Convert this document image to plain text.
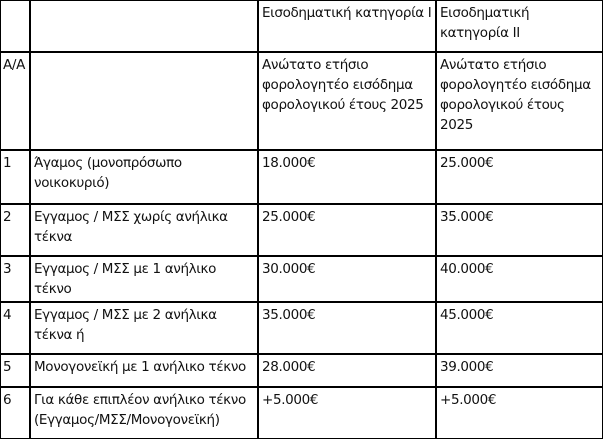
		Εισοδηματική κατηγορία Ι	Εισοδηματική κατηγορία ΙΙ

Α/Α		Ανώτατο ετήσιο φορολογητέο εισόδημα φορολογικού έτους 2025	Ανώτατο ετήσιο φορολογητέο εισόδημα φορολογικού έτους 2025

1	Άγαμος (μονοπρόσωπο νοικοκυριό)	18.000€	25.000€

2	Εγγαμος / ΜΣΣ χωρίς ανήλικα τέκνα	25.000€	35.000€

3	Εγγαμος / ΜΣΣ με 1 ανήλικο τέκνο	30.000€	40.000€

4	Εγγαμος / ΜΣΣ με 2 ανήλικα τέκνα ή	35.000€	45.000€

5	Μονογονεϊκή με 1 ανήλικο τέκνο	28.000€	39.000€

6	Για κάθε επιπλέον ανήλικο τέκνο (Εγγαμος/ΜΣΣ/Μονογονεϊκή)	+5.000€	+5.000€
